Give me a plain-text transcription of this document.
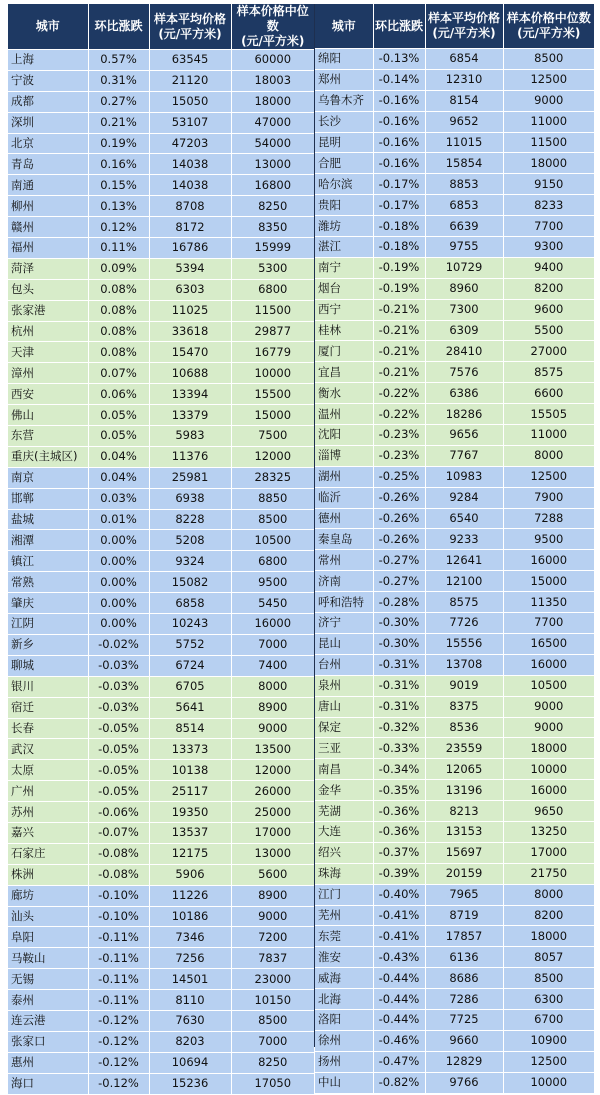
城市	环比涨跌	样本平均价格
(元/平方米)	样本价格中位数
(元/平方米)
上海	0.57%	63545	60000
宁波	0.31%	21120	18003
成都	0.27%	15050	18000
深圳	0.21%	53107	47000
北京	0.19%	47203	54000
青岛	0.16%	14038	13000
南通	0.15%	14038	16800
柳州	0.13%	8708	8250
赣州	0.12%	8172	8350
福州	0.11%	16786	15999
菏泽	0.09%	5394	5300
包头	0.08%	6303	6800
张家港	0.08%	11025	11500
杭州	0.08%	33618	29877
天津	0.08%	15470	16779
漳州	0.07%	10688	10000
西安	0.06%	13394	15500
佛山	0.05%	13379	15000
东营	0.05%	5983	7500
重庆(主城区)	0.04%	11376	12000
南京	0.04%	25981	28325
邯郸	0.03%	6938	8850
盐城	0.01%	8228	8500
湘潭	0.00%	5208	10500
镇江	0.00%	9324	6800
常熟	0.00%	15082	9500
肇庆	0.00%	6858	5450
江阴	0.00%	10243	16000
新乡	-0.02%	5752	7000
聊城	-0.03%	6724	7400
银川	-0.03%	6705	8000
宿迁	-0.03%	5641	8900
长春	-0.05%	8514	9000
武汉	-0.05%	13373	13500
太原	-0.05%	10138	12000
广州	-0.05%	25117	26000
苏州	-0.06%	19350	25000
嘉兴	-0.07%	13537	17000
石家庄	-0.08%	12175	13000
株洲	-0.08%	5906	5600
廊坊	-0.10%	11226	8900
汕头	-0.10%	10186	9000
阜阳	-0.11%	7346	7200
马鞍山	-0.11%	7256	7837
无锡	-0.11%	14501	23000
泰州	-0.11%	8110	10150
连云港	-0.12%	7630	8500
张家口	-0.12%	8203	7000
惠州	-0.12%	10694	8250
海口	-0.12%	15236	17050
城市	环比涨跌	样本平均价格
(元/平方米)	样本价格中位数
(元/平方米)
绵阳	-0.13%	6854	8500
郑州	-0.14%	12310	12500
乌鲁木齐	-0.16%	8154	9000
长沙	-0.16%	9652	11000
昆明	-0.16%	11015	11500
合肥	-0.16%	15854	18000
哈尔滨	-0.17%	8853	9150
贵阳	-0.17%	6853	8233
潍坊	-0.18%	6639	7700
湛江	-0.18%	9755	9300
南宁	-0.19%	10729	9400
烟台	-0.19%	8960	8200
西宁	-0.21%	7300	9600
桂林	-0.21%	6309	5500
厦门	-0.21%	28410	27000
宜昌	-0.21%	7576	8575
衡水	-0.22%	6386	6600
温州	-0.22%	18286	15505
沈阳	-0.23%	9656	11000
淄博	-0.23%	7767	8000
湖州	-0.25%	10983	12500
临沂	-0.26%	9284	7900
德州	-0.26%	6540	7288
秦皇岛	-0.26%	9233	9500
常州	-0.27%	12641	16000
济南	-0.27%	12100	15000
呼和浩特	-0.28%	8575	11350
济宁	-0.30%	7726	7700
昆山	-0.30%	15556	16500
台州	-0.31%	13708	16000
泉州	-0.31%	9019	10500
唐山	-0.31%	8375	9000
保定	-0.32%	8536	9000
三亚	-0.33%	23559	18000
南昌	-0.34%	12065	10000
金华	-0.35%	13196	16000
芜湖	-0.36%	8213	9650
大连	-0.36%	13153	13250
绍兴	-0.37%	15697	17000
珠海	-0.39%	20159	21750
江门	-0.40%	7965	8000
芜州	-0.41%	8719	8200
东莞	-0.41%	17857	18000
淮安	-0.43%	6136	8057
威海	-0.44%	8686	8500
北海	-0.44%	7286	6300
洛阳	-0.44%	7725	6700
徐州	-0.46%	9660	10900
扬州	-0.47%	12829	12500
中山	-0.82%	9766	10000
